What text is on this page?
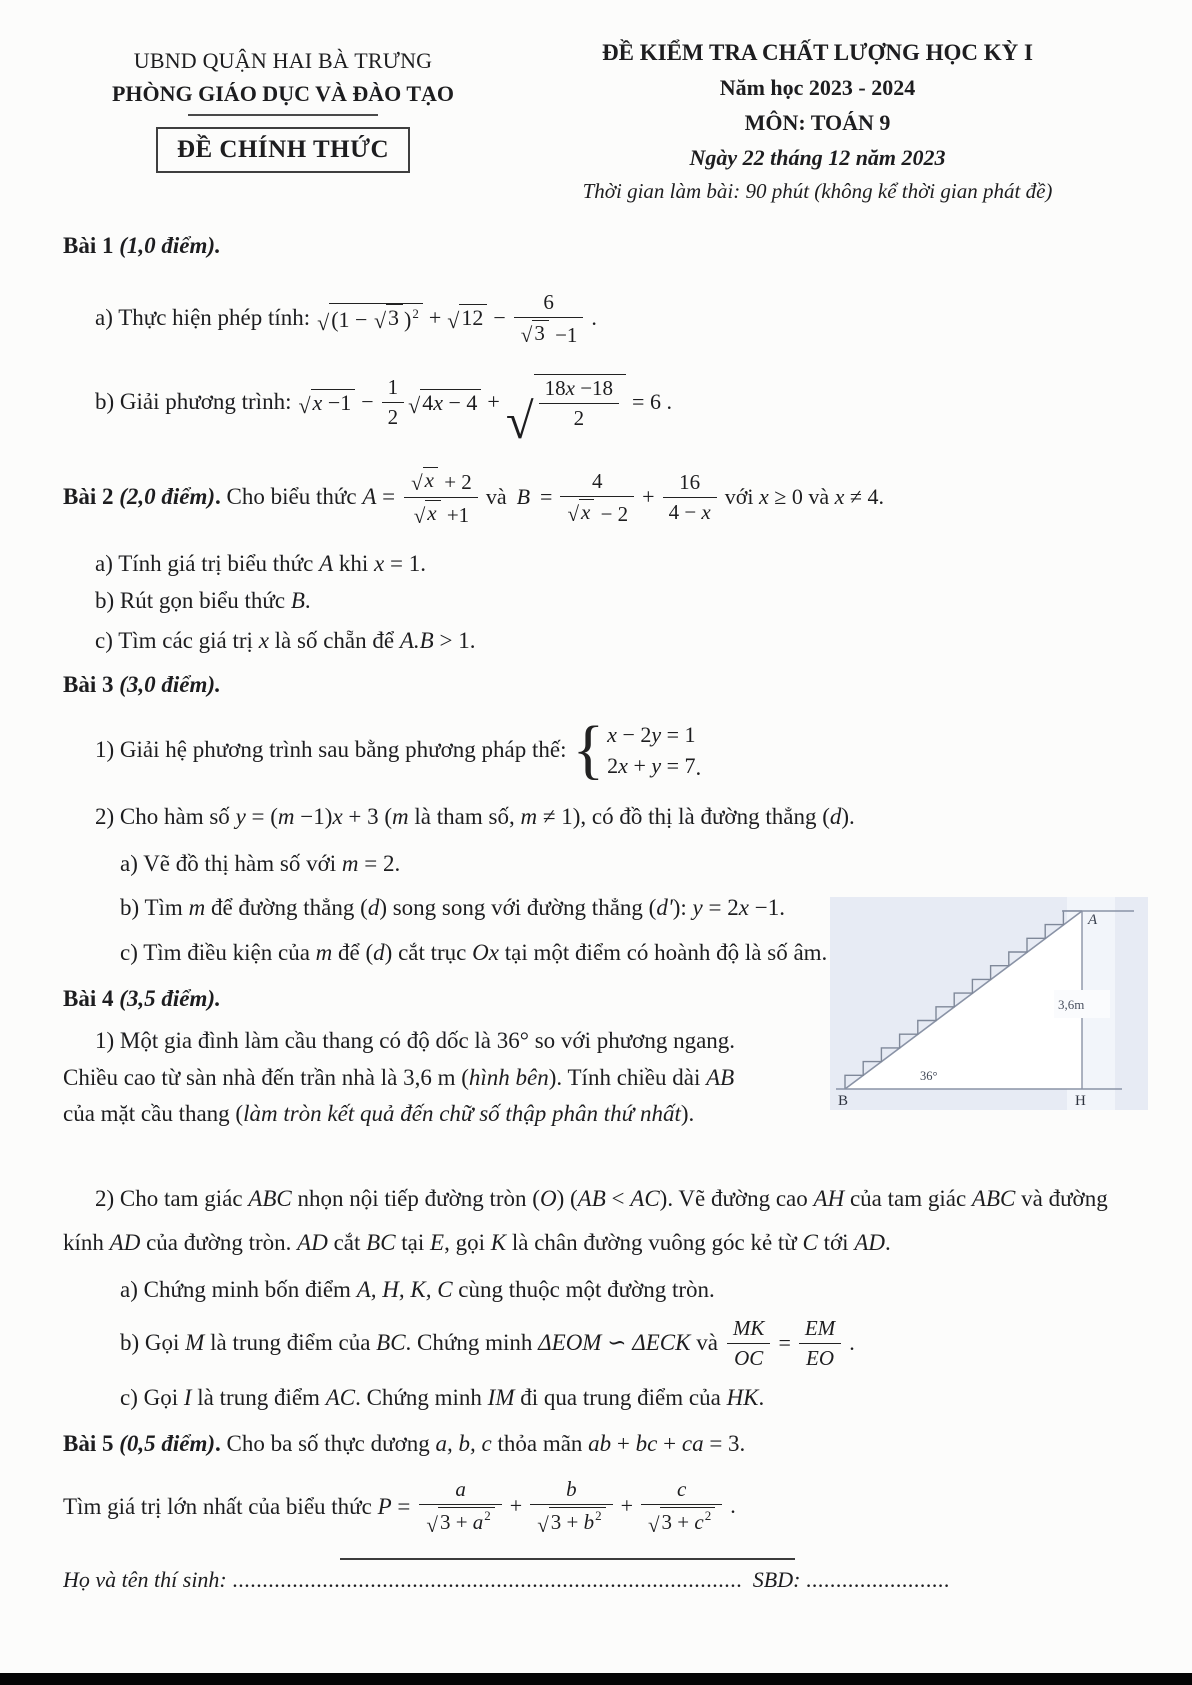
UBND QUẬN HAI BÀ TRƯNG
PHÒNG GIÁO DỤC VÀ ĐÀO TẠO
ĐỀ CHÍNH THỨC
ĐỀ KIỂM TRA CHẤT LƯỢNG HỌC KỲ I
Năm học 2023 - 2024
MÔN: TOÁN 9
Ngày 22 tháng 12 năm 2023
Thời gian làm bài: 90 phút (không kể thời gian phát đề)
Bài 1 (1,0 điểm).
a) Thực hiện phép tính: √ (1 − √ 3 )$^2$ + √ $12 - \frac{6}{√ 3 -1}$ .
b) Giải phương trình: √ $x -1 - \frac{1}{2}$ √ 4x − 4 + √ $\frac{18x -18}{2} = 6$ .
Bài 2 (2,0 điểm). Cho biểu thức $A = \frac{√ x + 2}{√ x +1}$ và $B = \frac{4}{√ x - 2} + \frac{16}{4 - x}$ với x ≥ 0 và x ≠ 4.
a) Tính giá trị biểu thức A khi x = 1.
b) Rút gọn biểu thức B.
c) Tìm các giá trị x là số chẵn để A.B > 1.
Bài 3 (3,0 điểm).
1) Giải hệ phương trình sau bằng phương pháp thế: { x − 2y = 1
2x + y = 7 .
2) Cho hàm số y = (m −1)x + 3 (m là tham số, m ≠ 1), có đồ thị là đường thẳng (d).
a) Vẽ đồ thị hàm số với m = 2.
b) Tìm m để đường thẳng (d) song song với đường thẳng (d'): y = 2x −1.
c) Tìm điều kiện của m để (d) cắt trục Ox tại một điểm có hoành độ là số âm.
Bài 4 (3,5 điểm).
1) Một gia đình làm cầu thang có độ dốc là 36° so với phương ngang. Chiều cao từ sàn nhà đến trần nhà là 3,6 m (hình bên). Tính chiều dài AB của mặt cầu thang (làm tròn kết quả đến chữ số thập phân thứ nhất).
2) Cho tam giác ABC nhọn nội tiếp đường tròn (O) (AB < AC). Vẽ đường cao AH của tam giác ABC và đường kính AD của đường tròn. AD cắt BC tại E, gọi K là chân đường vuông góc kẻ từ C tới AD.
a) Chứng minh bốn điểm A, H, K, C cùng thuộc một đường tròn.
b) Gọi M là trung điểm của BC. Chứng minh ΔEOM ∽ ΔECK và $\frac{MK}{OC} = \frac{EM}{EO}$ .
c) Gọi I là trung điểm AC. Chứng minh IM đi qua trung điểm của HK.
Bài 5 (0,5 điểm). Cho ba số thực dương a, b, c thỏa mãn ab + bc + ca = 3.
Tìm giá trị lớn nhất của biểu thức $P = \frac{a}{√ 3 + a^2} + \frac{b}{√ 3 + b^2} + \frac{c}{√ 3 + c^2}$ .
Họ và tên thí sinh: ..................................................................................... SBD: ........................
A
3,6m
36°
B	H
